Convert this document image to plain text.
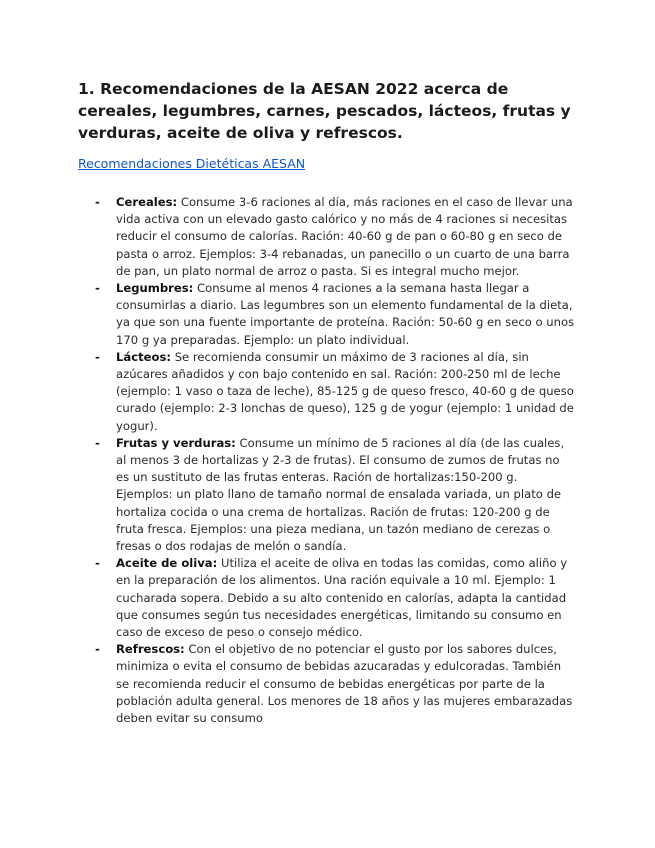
1. Recomendaciones de la AESAN 2022 acerca de cereales, legumbres, carnes, pescados, lácteos, frutas y verduras, aceite de oliva y refrescos.
Recomendaciones Dietéticas AESAN
- Cereales: Consume 3-6 raciones al día, más raciones en el caso de llevar una vida activa con un elevado gasto calórico y no más de 4 raciones si necesitas reducir el consumo de calorías. Ración: 40-60 g de pan o 60-80 g en seco de pasta o arroz. Ejemplos: 3-4 rebanadas, un panecillo o un cuarto de una barra de pan, un plato normal de arroz o pasta. Si es integral mucho mejor.
- Legumbres: Consume al menos 4 raciones a la semana hasta llegar a consumirlas a diario. Las legumbres son un elemento fundamental de la dieta, ya que son una fuente importante de proteína. Ración: 50-60 g en seco o unos 170 g ya preparadas. Ejemplo: un plato individual.
- Lácteos: Se recomienda consumir un máximo de 3 raciones al día, sin azúcares añadidos y con bajo contenido en sal. Ración: 200-250 ml de leche (ejemplo: 1 vaso o taza de leche), 85-125 g de queso fresco, 40-60 g de queso curado (ejemplo: 2-3 lonchas de queso), 125 g de yogur (ejemplo: 1 unidad de yogur).
- Frutas y verduras: Consume un mínimo de 5 raciones al día (de las cuales, al menos 3 de hortalizas y 2-3 de frutas). El consumo de zumos de frutas no es un sustituto de las frutas enteras. Ración de hortalizas:150-200 g. Ejemplos: un plato llano de tamaño normal de ensalada variada, un plato de hortaliza cocida o una crema de hortalizas. Ración de frutas: 120-200 g de fruta fresca. Ejemplos: una pieza mediana, un tazón mediano de cerezas o fresas o dos rodajas de melón o sandía.
- Aceite de oliva: Utiliza el aceite de oliva en todas las comidas, como aliño y en la preparación de los alimentos. Una ración equivale a 10 ml. Ejemplo: 1 cucharada sopera. Debido a su alto contenido en calorías, adapta la cantidad que consumes según tus necesidades energéticas, limitando su consumo en caso de exceso de peso o consejo médico.
- Refrescos: Con el objetivo de no potenciar el gusto por los sabores dulces, minimiza o evita el consumo de bebidas azucaradas y edulcoradas. También se recomienda reducir el consumo de bebidas energéticas por parte de la población adulta general. Los menores de 18 años y las mujeres embarazadas deben evitar su consumo
